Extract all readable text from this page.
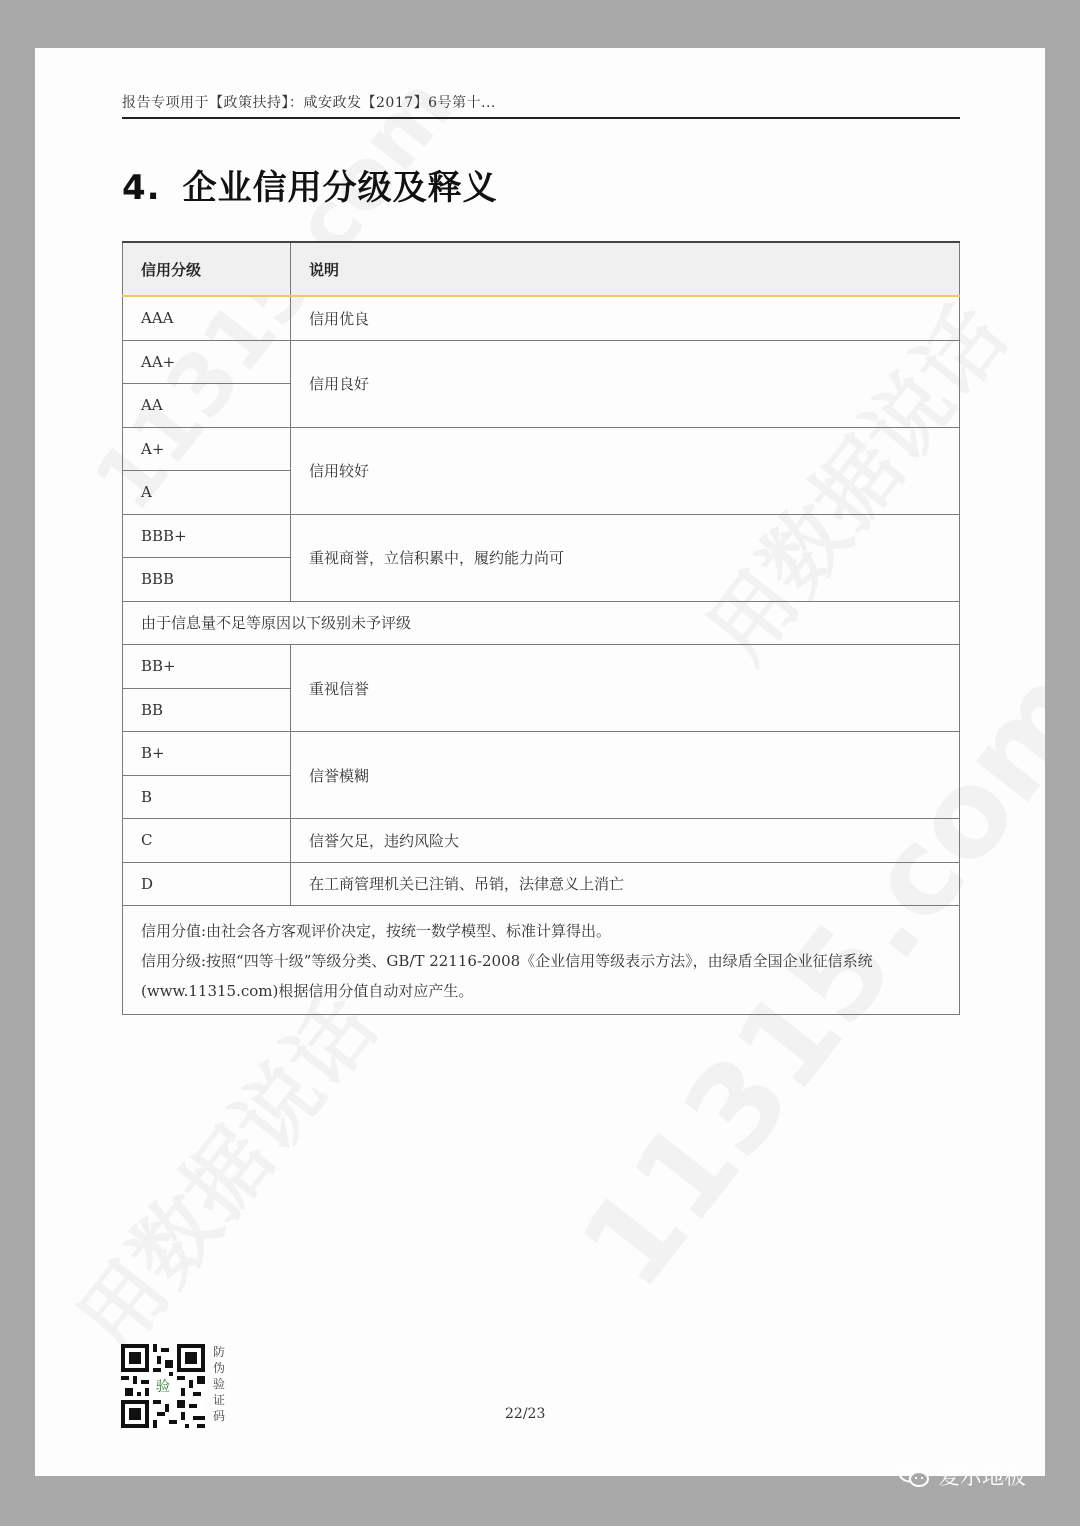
报告专项用于【政策扶持】：咸安政发【2017】6号第十...
4. 企业信用分级及释义
信用分级	说明
AAA	信用优良
AA+	信用良好
AA	
A+	信用较好
A	
BBB+	重视商誉，立信积累中，履约能力尚可
BBB	
由于信息量不足等原因以下级别未予评级	
BB+	重视信誉
BB	
B+	信誉模糊
B	
C	信誉欠足，违约风险大
D	在工商管理机关已注销、吊销，法律意义上消亡

信用分值:由社会各方客观评价决定，按统一数学模型、标准计算得出。
信用分级:按照“四等十级”等级分类、GB/T 22116-2008《企业信用等级表示方法》，由绿盾全国企业征信系统(www.11315.com)根据信用分值自动对应产生。	
验
防伪验证码	22/23
爱尔地板
